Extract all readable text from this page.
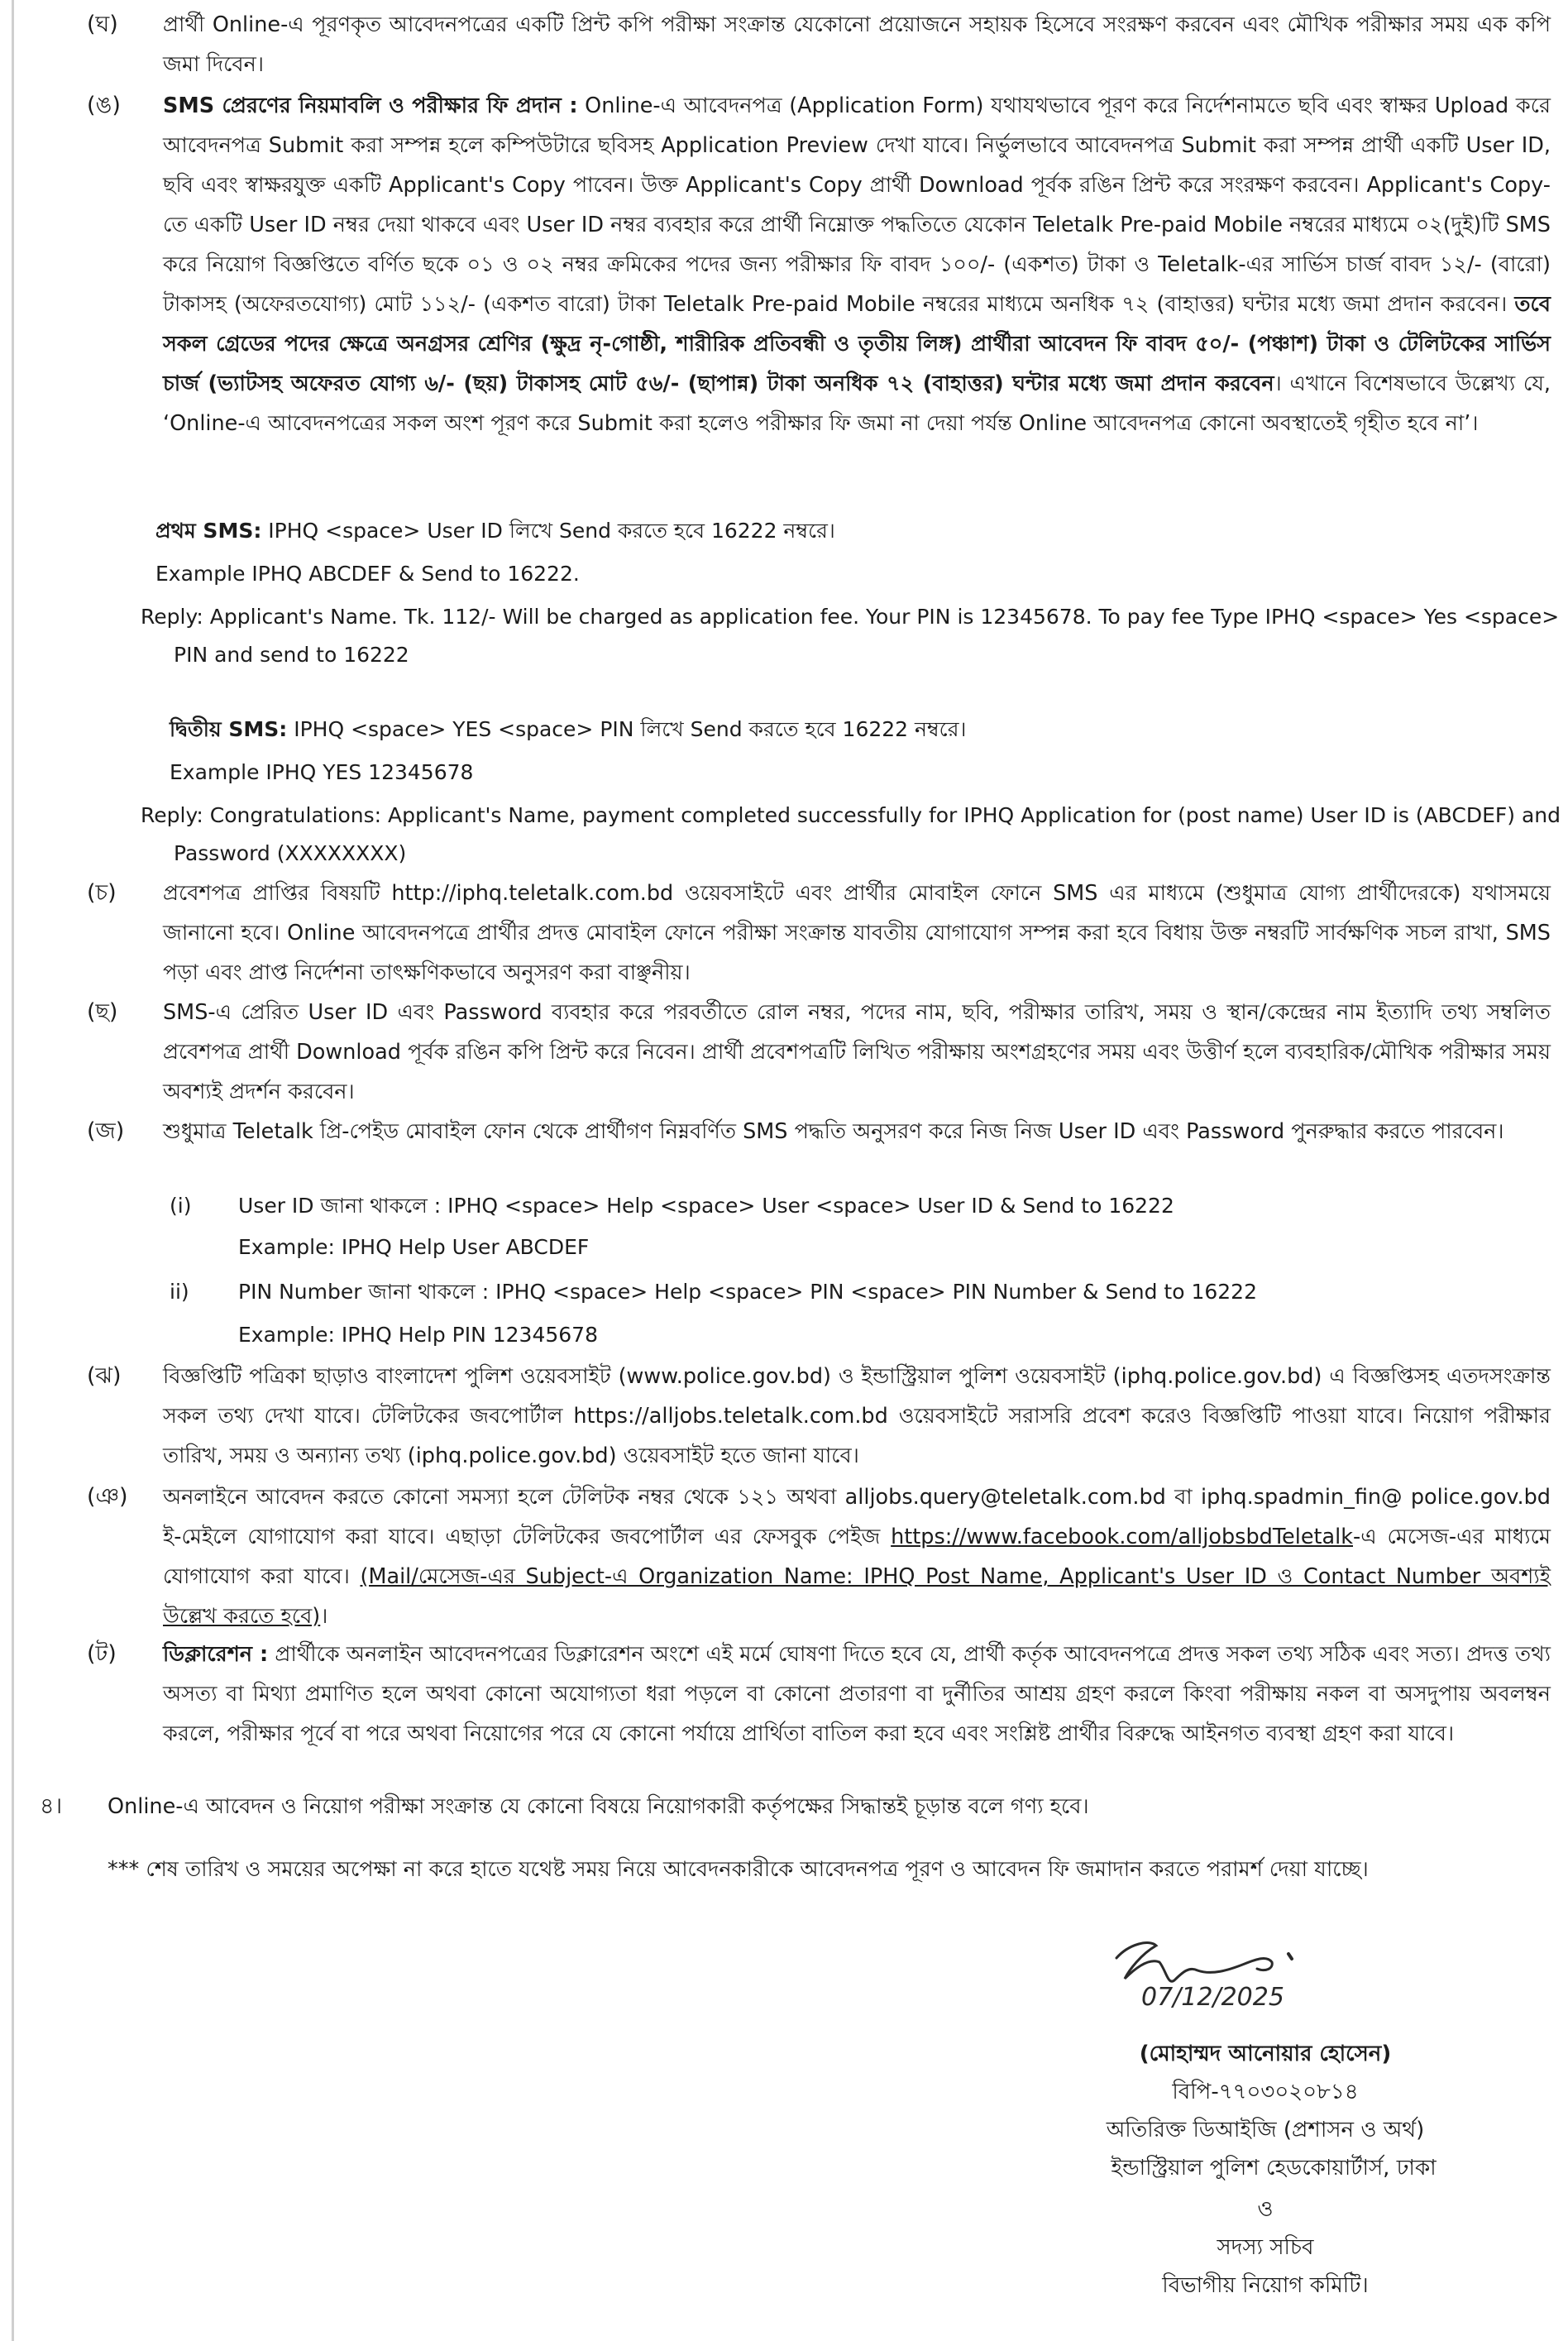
(ঘ)	প্রার্থী Online-এ পূরণকৃত আবেদনপত্রের একটি প্রিন্ট কপি পরীক্ষা সংক্রান্ত যেকোনো প্রয়োজনে সহায়ক হিসেবে সংরক্ষণ করবেন এবং মৌখিক পরীক্ষার সময় এক কপি জমা দিবেন।
(ঙ)	SMS প্রেরণের নিয়মাবলি ও পরীক্ষার ফি প্রদান : Online-এ আবেদনপত্র (Application Form) যথাযথভাবে পূরণ করে নির্দেশনামতে ছবি এবং স্বাক্ষর Upload করে আবেদনপত্র Submit করা সম্পন্ন হলে কম্পিউটারে ছবিসহ Application Preview দেখা যাবে। নির্ভুলভাবে আবেদনপত্র Submit করা সম্পন্ন প্রার্থী একটি User ID, ছবি এবং স্বাক্ষরযুক্ত একটি Applicant's Copy পাবেন। উক্ত Applicant's Copy প্রার্থী Download পূর্বক রঙিন প্রিন্ট করে সংরক্ষণ করবেন। Applicant's Copy-তে একটি User ID নম্বর দেয়া থাকবে এবং User ID নম্বর ব্যবহার করে প্রার্থী নিম্নোক্ত পদ্ধতিতে যেকোন Teletalk Pre-paid Mobile নম্বরের মাধ্যমে ০২(দুই)টি SMS করে নিয়োগ বিজ্ঞপ্তিতে বর্ণিত ছকে ০১ ও ০২ নম্বর ক্রমিকের পদের জন্য পরীক্ষার ফি বাবদ ১০০/- (একশত) টাকা ও Teletalk-এর সার্ভিস চার্জ বাবদ ১২/- (বারো) টাকাসহ (অফেরতযোগ্য) মোট ১১২/- (একশত বারো) টাকা Teletalk Pre-paid Mobile নম্বরের মাধ্যমে অনধিক ৭২ (বাহাত্তর) ঘন্টার মধ্যে জমা প্রদান করবেন। তবে সকল গ্রেডের পদের ক্ষেত্রে অনগ্রসর শ্রেণির (ক্ষুদ্র নৃ-গোষ্ঠী, শারীরিক প্রতিবন্ধী ও তৃতীয় লিঙ্গ) প্রার্থীরা আবেদন ফি বাবদ ৫০/- (পঞ্চাশ) টাকা ও টেলিটকের সার্ভিস চার্জ (ভ্যাটসহ অফেরত যোগ্য ৬/- (ছয়) টাকাসহ মোট ৫৬/- (ছাপান্ন) টাকা অনধিক ৭২ (বাহাত্তর) ঘন্টার মধ্যে জমা প্রদান করবেন। এখানে বিশেষভাবে উল্লেখ্য যে, ‘Online-এ আবেদনপত্রের সকল অংশ পূরণ করে Submit করা হলেও পরীক্ষার ফি জমা না দেয়া পর্যন্ত Online আবেদনপত্র কোনো অবস্থাতেই গৃহীত হবে না’।
প্রথম SMS: IPHQ <space> User ID লিখে Send করতে হবে 16222 নম্বরে।
Example IPHQ ABCDEF & Send to 16222.
Reply: Applicant's Name. Tk. 112/- Will be charged as application fee. Your PIN is 12345678. To pay fee Type IPHQ <space> Yes <space>
PIN and send to 16222
দ্বিতীয় SMS: IPHQ <space> YES <space> PIN লিখে Send করতে হবে 16222 নম্বরে।
Example IPHQ YES 12345678
Reply: Congratulations: Applicant's Name, payment completed successfully for IPHQ Application for (post name) User ID is (ABCDEF) and
Password (XXXXXXXX)
(চ)	প্রবেশপত্র প্রাপ্তির বিষয়টি http://iphq.teletalk.com.bd ওয়েবসাইটে এবং প্রার্থীর মোবাইল ফোনে SMS এর মাধ্যমে (শুধুমাত্র যোগ্য প্রার্থীদেরকে) যথাসময়ে জানানো হবে। Online আবেদনপত্রে প্রার্থীর প্রদত্ত মোবাইল ফোনে পরীক্ষা সংক্রান্ত যাবতীয় যোগাযোগ সম্পন্ন করা হবে বিধায় উক্ত নম্বরটি সার্বক্ষণিক সচল রাখা, SMS পড়া এবং প্রাপ্ত নির্দেশনা তাৎক্ষণিকভাবে অনুসরণ করা বাঞ্ছনীয়।
(ছ)	SMS-এ প্রেরিত User ID এবং Password ব্যবহার করে পরবর্তীতে রোল নম্বর, পদের নাম, ছবি, পরীক্ষার তারিখ, সময় ও স্থান/কেন্দ্রের নাম ইত্যাদি তথ্য সম্বলিত প্রবেশপত্র প্রার্থী Download পূর্বক রঙিন কপি প্রিন্ট করে নিবেন। প্রার্থী প্রবেশপত্রটি লিখিত পরীক্ষায় অংশগ্রহণের সময় এবং উত্তীর্ণ হলে ব্যবহারিক/মৌখিক পরীক্ষার সময় অবশ্যই প্রদর্শন করবেন।
(জ)	শুধুমাত্র Teletalk প্রি-পেইড মোবাইল ফোন থেকে প্রার্থীগণ নিম্নবর্ণিত SMS পদ্ধতি অনুসরণ করে নিজ নিজ User ID এবং Password পুনরুদ্ধার করতে পারবেন।
(i) User ID জানা থাকলে : IPHQ <space> Help <space> User <space> User ID & Send to 16222
Example: IPHQ Help User ABCDEF
ii) PIN Number জানা থাকলে : IPHQ <space> Help <space> PIN <space> PIN Number & Send to 16222
Example: IPHQ Help PIN 12345678
(ঝ)	বিজ্ঞপ্তিটি পত্রিকা ছাড়াও বাংলাদেশ পুলিশ ওয়েবসাইট (www.police.gov.bd) ও ইন্ডাস্ট্রিয়াল পুলিশ ওয়েবসাইট (iphq.police.gov.bd) এ বিজ্ঞপ্তিসহ এতদসংক্রান্ত সকল তথ্য দেখা যাবে। টেলিটকের জবপোর্টাল https://alljobs.teletalk.com.bd ওয়েবসাইটে সরাসরি প্রবেশ করেও বিজ্ঞপ্তিটি পাওয়া যাবে। নিয়োগ পরীক্ষার তারিখ, সময় ও অন্যান্য তথ্য (iphq.police.gov.bd) ওয়েবসাইট হতে জানা যাবে।
(ঞ)	অনলাইনে আবেদন করতে কোনো সমস্যা হলে টেলিটক নম্বর থেকে ১২১ অথবা alljobs.query@teletalk.com.bd বা iphq.spadmin_fin@ police.gov.bd ই-মেইলে যোগাযোগ করা যাবে। এছাড়া টেলিটকের জবপোর্টাল এর ফেসবুক পেইজ https://www.facebook.com/alljobsbdTeletalk-এ মেসেজ-এর মাধ্যমে যোগাযোগ করা যাবে। (Mail/মেসেজ-এর Subject-এ Organization Name: IPHQ Post Name, Applicant's User ID ও Contact Number অবশ্যই উল্লেখ করতে হবে)।
(ট)	ডিক্লারেশন : প্রার্থীকে অনলাইন আবেদনপত্রের ডিক্লারেশন অংশে এই মর্মে ঘোষণা দিতে হবে যে, প্রার্থী কর্তৃক আবেদনপত্রে প্রদত্ত সকল তথ্য সঠিক এবং সত্য। প্রদত্ত তথ্য অসত্য বা মিথ্যা প্রমাণিত হলে অথবা কোনো অযোগ্যতা ধরা পড়লে বা কোনো প্রতারণা বা দুর্নীতির আশ্রয় গ্রহণ করলে কিংবা পরীক্ষায় নকল বা অসদুপায় অবলম্বন করলে, পরীক্ষার পূর্বে বা পরে অথবা নিয়োগের পরে যে কোনো পর্যায়ে প্রার্থিতা বাতিল করা হবে এবং সংশ্লিষ্ট প্রার্থীর বিরুদ্ধে আইনগত ব্যবস্থা গ্রহণ করা যাবে।
৪।	Online-এ আবেদন ও নিয়োগ পরীক্ষা সংক্রান্ত যে কোনো বিষয়ে নিয়োগকারী কর্তৃপক্ষের সিদ্ধান্তই চূড়ান্ত বলে গণ্য হবে।
*** শেষ তারিখ ও সময়ের অপেক্ষা না করে হাতে যথেষ্ট সময় নিয়ে আবেদনকারীকে আবেদনপত্র পূরণ ও আবেদন ফি জমাদান করতে পরামর্শ দেয়া যাচ্ছে।
07/12/2025
(মোহাম্মদ আনোয়ার হোসেন)
বিপি-৭৭০৩০২০৮১৪
অতিরিক্ত ডিআইজি (প্রশাসন ও অর্থ)
ইন্ডাস্ট্রিয়াল পুলিশ হেডকোয়ার্টার্স, ঢাকা
ও
সদস্য সচিব
বিভাগীয় নিয়োগ কমিটি।
